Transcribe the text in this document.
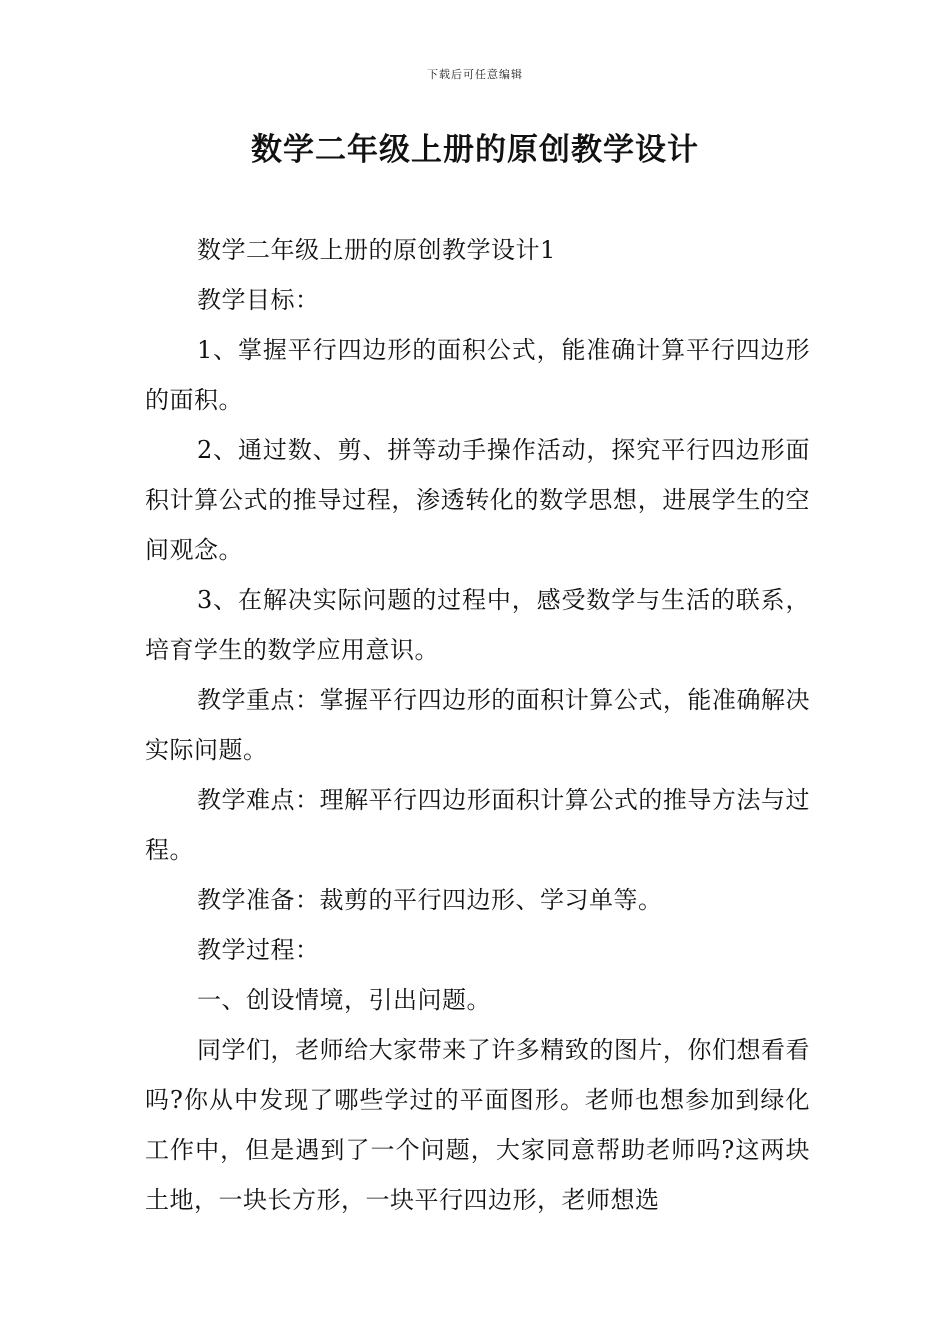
下载后可任意编辑
数学二年级上册的原创教学设计

数学二年级上册的原创教学设计1

教学目标：

1、掌握平行四边形的面积公式，能准确计算平行四边形的面积。

2、通过数、剪、拼等动手操作活动，探究平行四边形面积计算公式的推导过程，渗透转化的数学思想，进展学生的空间观念。

3、在解决实际问题的过程中，感受数学与生活的联系，培育学生的数学应用意识。

教学重点：掌握平行四边形的面积计算公式，能准确解决实际问题。

教学难点：理解平行四边形面积计算公式的推导方法与过程。

教学准备：裁剪的平行四边形、学习单等。

教学过程：

一、创设情境，引出问题。

同学们，老师给大家带来了许多精致的图片，你们想看看吗?你从中发现了哪些学过的平面图形。老师也想参加到绿化工作中，但是遇到了一个问题，大家同意帮助老师吗?这两块土地，一块长方形，一块平行四边形，老师想选
